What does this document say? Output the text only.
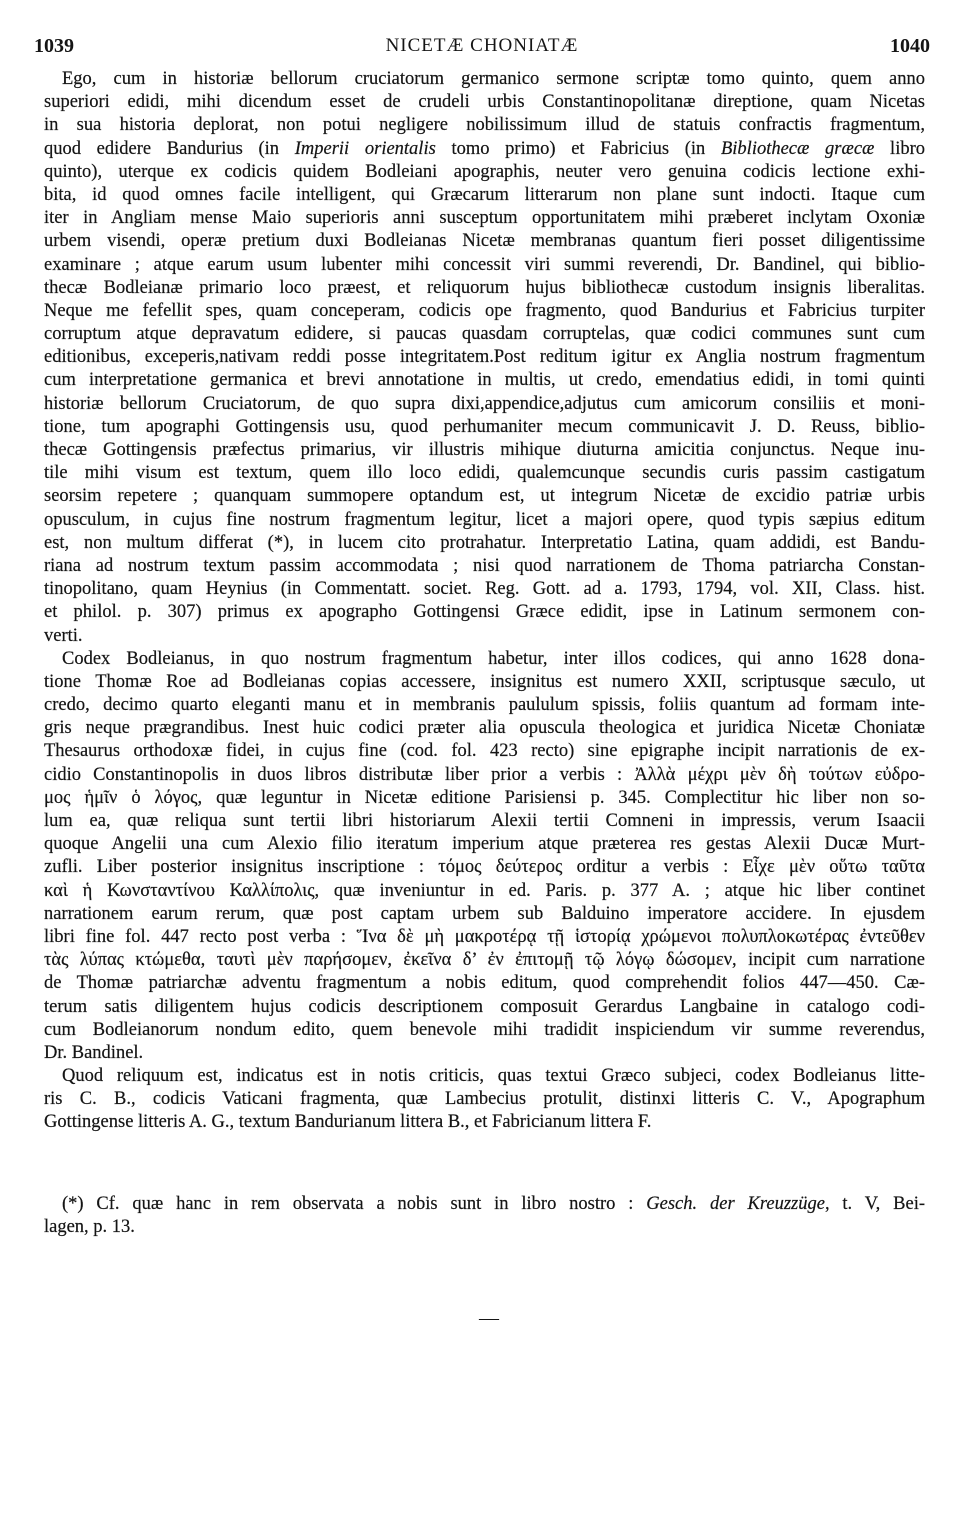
1039	NICETÆ CHONIATÆ	1040
Ego, cum in historiæ bellorum cruciatorum germanico sermone scriptæ tomo quinto, quem anno
superiori edidi, mihi dicendum esset de crudeli urbis Constantinopolitanæ direptione, quam Nicetas
in sua historia deplorat, non potui negligere nobilissimum illud de statuis confractis fragmentum,
quod edidere Bandurius (in Imperii orientalis tomo primo) et Fabricius (in Bibliothecæ græcæ libro
quinto), uterque ex codicis quidem Bodleiani apographis, neuter vero genuina codicis lectione exhi-
bita, id quod omnes facile intelligent, qui Græcarum litterarum non plane sunt indocti. Itaque cum
iter in Angliam mense Maio superioris anni susceptum opportunitatem mihi præberet inclytam Oxoniæ
urbem visendi, operæ pretium duxi Bodleianas Nicetæ membranas quantum fieri posset diligentissime
examinare ; atque earum usum lubenter mihi concessit viri summi reverendi, Dr. Bandinel, qui biblio-
thecæ Bodleianæ primario loco præest, et reliquorum hujus bibliothecæ custodum insignis liberalitas.
Neque me fefellit spes, quam conceperam, codicis ope fragmento, quod Bandurius et Fabricius turpiter
corruptum atque depravatum edidere, si paucas quasdam corruptelas, quæ codici communes sunt cum
editionibus, exceperis,nativam reddi posse integritatem.Post reditum igitur ex Anglia nostrum fragmentum
cum interpretatione germanica et brevi annotatione in multis, ut credo, emendatius edidi, in tomi quinti
historiæ bellorum Cruciatorum, de quo supra dixi,appendice,adjutus cum amicorum consiliis et moni-
tione, tum apographi Gottingensis usu, quod perhumaniter mecum communicavit J. D. Reuss, biblio-
thecæ Gottingensis præfectus primarius, vir illustris mihique diuturna amicitia conjunctus. Neque inu-
tile mihi visum est textum, quem illo loco edidi, qualemcunque secundis curis passim castigatum
seorsim repetere ; quanquam summopere optandum est, ut integrum Nicetæ de excidio patriæ urbis
opusculum, in cujus fine nostrum fragmentum legitur, licet a majori opere, quod typis sæpius editum
est, non multum differat (*), in lucem cito protrahatur. Interpretatio Latina, quam addidi, est Bandu-
riana ad nostrum textum passim accommodata ; nisi quod narrationem de Thoma patriarcha Constan-
tinopolitano, quam Heynius (in Commentatt. societ. Reg. Gott. ad a. 1793, 1794, vol. XII, Class. hist.
et philol. p. 307) primus ex apographo Gottingensi Græce edidit, ipse in Latinum sermonem con-
verti.
Codex Bodleianus, in quo nostrum fragmentum habetur, inter illos codices, qui anno 1628 dona-
tione Thomæ Roe ad Bodleianas copias accessere, insignitus est numero XXII, scriptusque sæculo, ut
credo, decimo quarto eleganti manu et in membranis paululum spissis, foliis quantum ad formam inte-
gris neque prægrandibus. Inest huic codici præter alia opuscula theologica et juridica Nicetæ Choniatæ
Thesaurus orthodoxæ fidei, in cujus fine (cod. fol. 423 recto) sine epigraphe incipit narrationis de ex-
cidio Constantinopolis in duos libros distributæ liber prior a verbis : Ἀλλὰ μέχρι μὲν δὴ τούτων εὐδρο-
μος ἡμῖν ὁ λόγος, quæ leguntur in Nicetæ editione Parisiensi p. 345. Complectitur hic liber non so-
lum ea, quæ reliqua sunt tertii libri historiarum Alexii tertii Comneni in impressis, verum Isaacii
quoque Angelii una cum Alexio filio iteratum imperium atque præterea res gestas Alexii Ducæ Murt-
zufli. Liber posterior insignitus inscriptione : τόμος δεύτερος orditur a verbis : Εἶχε μὲν οὕτω ταῦτα
καὶ ἡ Κωνσταντίνου Καλλίπολις, quæ inveniuntur in ed. Paris. p. 377 A. ; atque hic liber continet
narrationem earum rerum, quæ post captam urbem sub Balduino imperatore accidere. In ejusdem
libri fine fol. 447 recto post verba : Ἵνα δὲ μὴ μακροτέρᾳ τῇ ἱστορίᾳ χρώμενοι πολυπλοκωτέρας ἐντεῦθεν
τὰς λύπας κτώμεθα, ταυτὶ μὲν παρήσομεν, ἐκεῖνα δ’ ἐν ἐπιτομῇ τῷ λόγῳ δώσομεν, incipit cum narratione
de Thomæ patriarchæ adventu fragmentum a nobis editum, quod comprehendit folios 447—450. Cæ-
terum satis diligentem hujus codicis descriptionem composuit Gerardus Langbaine in catalogo codi-
cum Bodleianorum nondum edito, quem benevole mihi tradidit inspiciendum vir summe reverendus,
Dr. Bandinel.
Quod reliquum est, indicatus est in notis criticis, quas textui Græco subjeci, codex Bodleianus litte-
ris C. B., codicis Vaticani fragmenta, quæ Lambecius protulit, distinxi litteris C. V., Apographum
Gottingense litteris A. G., textum Bandurianum littera B., et Fabricianum littera F.
(*) Cf. quæ hanc in rem observata a nobis sunt in libro nostro : Gesch. der Kreuzzüge, t. V, Bei-
lagen, p. 13.
—
